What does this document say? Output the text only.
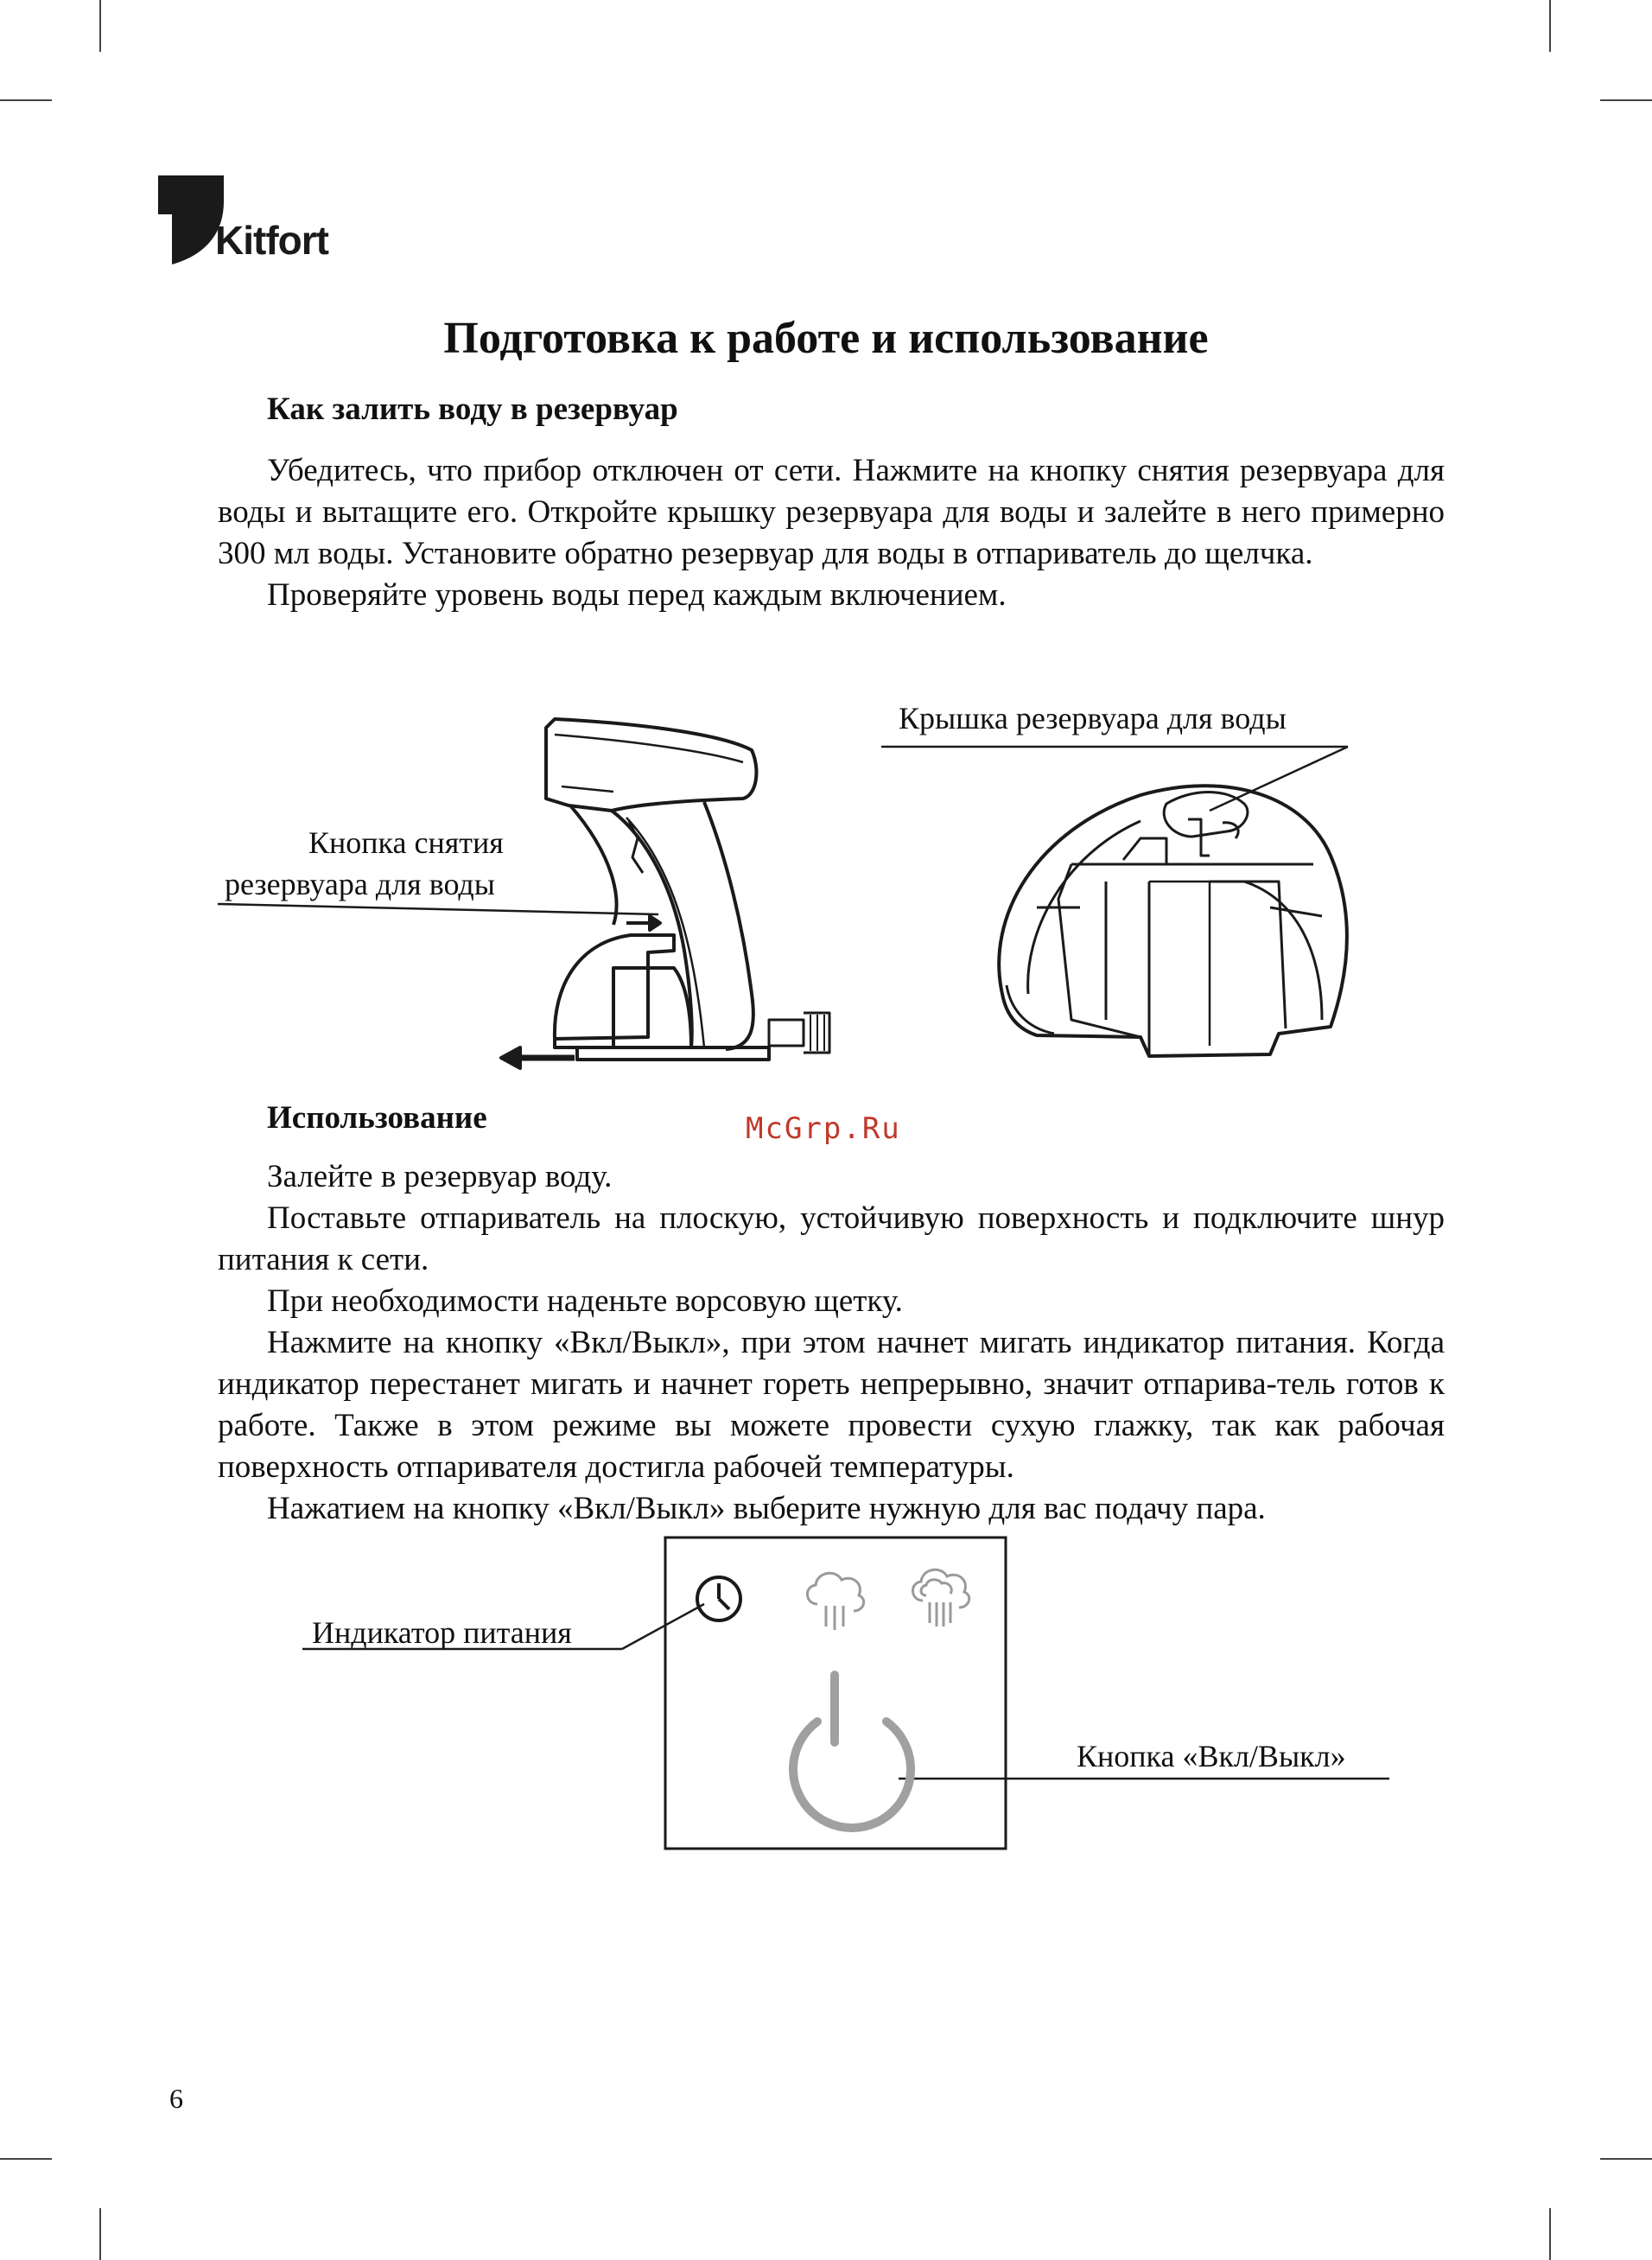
Kitfort
Подготовка к работе и использование
Как залить воду в резервуар

Убедитесь, что прибор отключен от сети. Нажмите на кнопку снятия резервуара для воды и вытащите его. Откройте крышку резервуара для воды и залейте в него примерно 300 мл воды. Установите обратно резервуар для воды в отпариватель до щелчка.

Проверяйте уровень воды перед каждым включением.

Кнопка снятия
резервуара для воды
Крышка резервуара для воды
Использование	McGrp.Ru

Залейте в резервуар воду.

Поставьте отпариватель на плоскую, устойчивую поверхность и подключите шнур питания к сети.

При необходимости наденьте ворсовую щетку.

Нажмите на кнопку «Вкл/Выкл», при этом начнет мигать индикатор питания. Когда индикатор перестанет мигать и начнет гореть непрерывно, значит отпарива-тель готов к работе. Также в этом режиме вы можете провести сухую глажку, так как рабочая поверхность отпаривателя достигла рабочей температуры.

Нажатием на кнопку «Вкл/Выкл» выберите нужную для вас подачу пара.

Индикатор питания
Кнопка «Вкл/Выкл»
6
